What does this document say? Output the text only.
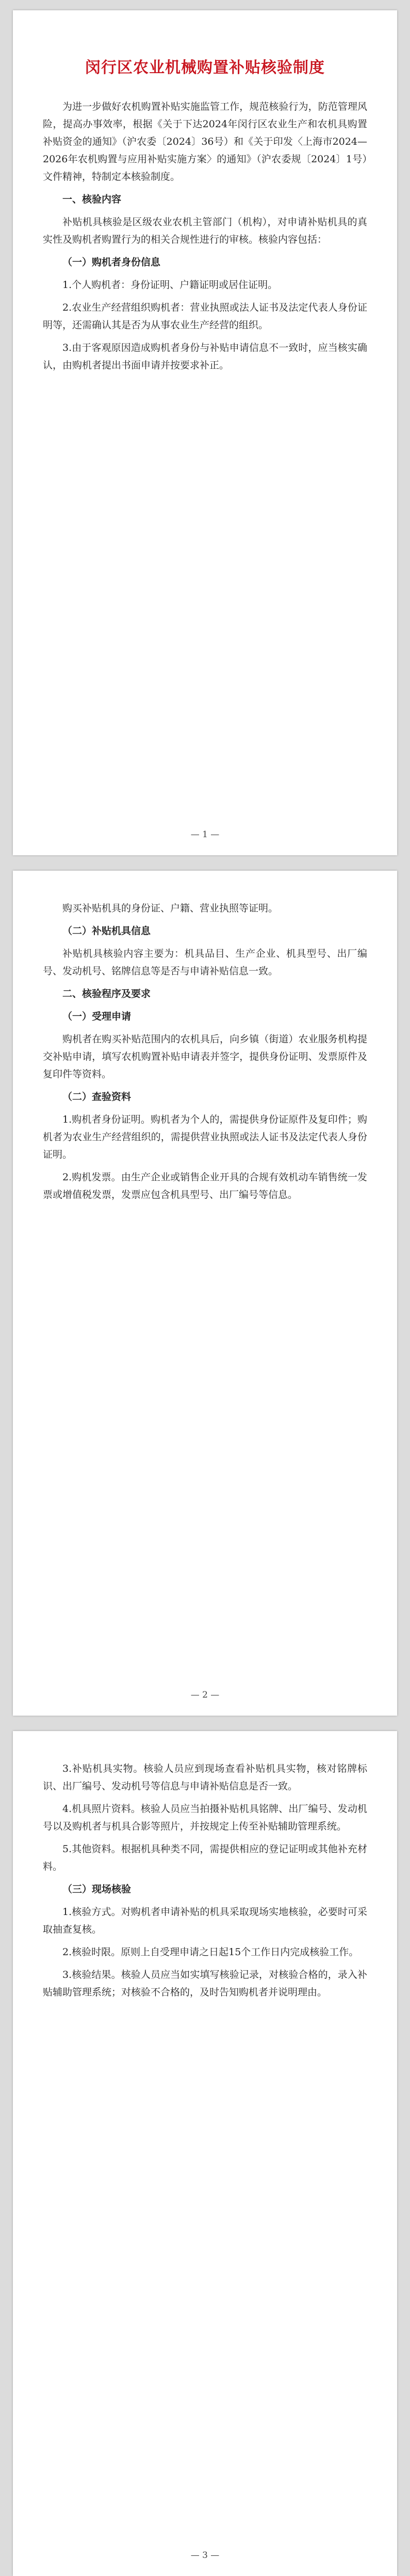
闵行区农业机械购置补贴核验制度

为进一步做好农机购置补贴实施监管工作，规范核验行为，防范管理风险，提高办事效率，根据《关于下达2024年闵行区农业生产和农机具购置补贴资金的通知》（沪农委〔2024〕36号）和《关于印发〈上海市2024—2026年农机购置与应用补贴实施方案〉的通知》（沪农委规〔2024〕1号）文件精神，特制定本核验制度。

一、核验内容

补贴机具核验是区级农业农机主管部门（机构），对申请补贴机具的真实性及购机者购置行为的相关合规性进行的审核。核验内容包括：

（一）购机者身份信息

1.个人购机者：身份证明、户籍证明或居住证明。

2.农业生产经营组织购机者：营业执照或法人证书及法定代表人身份证明等，还需确认其是否为从事农业生产经营的组织。

3.由于客观原因造成购机者身份与补贴申请信息不一致时，应当核实确认，由购机者提出书面申请并按要求补正。

— 1 —

购买补贴机具的身份证、户籍、营业执照等证明。

（二）补贴机具信息

补贴机具核验内容主要为：机具品目、生产企业、机具型号、出厂编号、发动机号、铭牌信息等是否与申请补贴信息一致。

二、核验程序及要求

（一）受理申请

购机者在购买补贴范围内的农机具后，向乡镇（街道）农业服务机构提交补贴申请，填写农机购置补贴申请表并签字，提供身份证明、发票原件及复印件等资料。

（二）查验资料

1.购机者身份证明。购机者为个人的，需提供身份证原件及复印件；购机者为农业生产经营组织的，需提供营业执照或法人证书及法定代表人身份证明。

2.购机发票。由生产企业或销售企业开具的合规有效机动车销售统一发票或增值税发票，发票应包含机具型号、出厂编号等信息。

— 2 —

3.补贴机具实物。核验人员应到现场查看补贴机具实物，核对铭牌标识、出厂编号、发动机号等信息与申请补贴信息是否一致。

4.机具照片资料。核验人员应当拍摄补贴机具铭牌、出厂编号、发动机号以及购机者与机具合影等照片，并按规定上传至补贴辅助管理系统。

5.其他资料。根据机具种类不同，需提供相应的登记证明或其他补充材料。

（三）现场核验

1.核验方式。对购机者申请补贴的机具采取现场实地核验，必要时可采取抽查复核。

2.核验时限。原则上自受理申请之日起15个工作日内完成核验工作。

3.核验结果。核验人员应当如实填写核验记录，对核验合格的，录入补贴辅助管理系统；对核验不合格的，及时告知购机者并说明理由。

— 3 —
